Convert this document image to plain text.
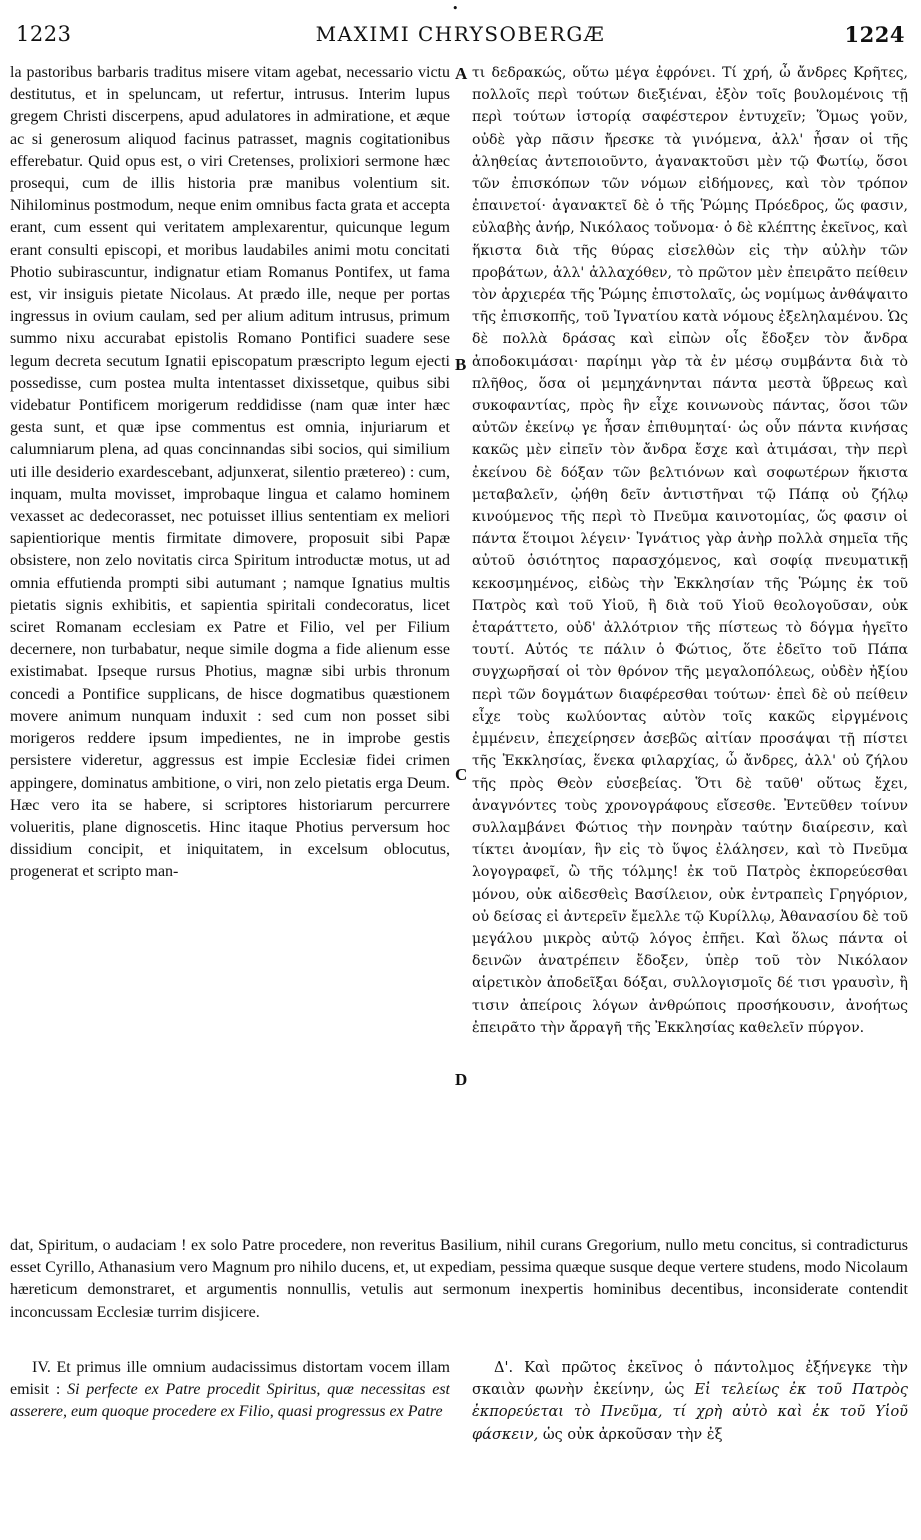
•
1223	MAXIMI CHRYSOBERGÆ	1224

la pastoribus barbaris traditus misere vitam agebat, necessario victu destitutus, et in speluncam, ut refertur, intrusus. Interim lupus gregem Christi discerpens, apud adulatores in admiratione, et æque ac si generosum aliquod facinus patrasset, magnis cogitationibus efferebatur. Quid opus est, o viri Cretenses, prolixiori sermone hæc prosequi, cum de illis historia præ manibus volentium sit. Nihilominus postmodum, neque enim omnibus facta grata et accepta erant, cum essent qui veritatem amplexarentur, quicunque legum erant consulti episcopi, et moribus laudabiles animi motu concitati Photio subirascuntur, indignatur etiam Romanus Pontifex, ut fama est, vir insiguis pietate Nicolaus. At prædo ille, neque per portas ingressus in ovium caulam, sed per alium aditum intrusus, primum summo nixu accurabat epistolis Romano Pontifici suadere sese legum decreta secutum Ignatii episcopatum præscripto legum ejecti possedisse, cum postea multa intentasset dixissetque, quibus sibi videbatur Pontificem morigerum reddidisse (nam quæ inter hæc gesta sunt, et quæ ipse commentus est omnia, injuriarum et calumniarum plena, ad quas concinnandas sibi socios, qui similium uti ille desiderio exardescebant, adjunxerat, silentio prætereo) : cum, inquam, multa movisset, improbaque lingua et calamo hominem vexasset ac dedecorasset, nec potuisset illius sententiam ex meliori sapientiorique mentis firmitate dimovere, proposuit sibi Papæ obsistere, non zelo novitatis circa Spiritum introductæ motus, ut ad omnia effutienda prompti sibi autumant ; namque Ignatius multis pietatis signis exhibitis, et sapientia spiritali condecoratus, licet sciret Romanam ecclesiam ex Patre et Filio, vel per Filium decernere, non turbabatur, neque simile dogma a fide alienum esse existimabat. Ipseque rursus Photius, magnæ sibi urbis thronum concedi a Pontifice supplicans, de hisce dogmatibus quæstionem movere animum nunquam induxit : sed cum non posset sibi morigeros reddere ipsum impedientes, ne in improbe gestis persistere videretur, aggressus est impie Ecclesiæ fidei crimen appingere, dominatus ambitione, o viri, non zelo pietatis erga Deum. Hæc vero ita se habere, si scriptores historiarum percurrere volueritis, plane dignoscetis. Hinc itaque Photius perversum hoc dissidium concipit, et iniquitatem, in excelsum oblocutus, progenerat et scripto man-

A
B
C
D

τι δεδρακώς, οὕτω μέγα ἐφρόνει. Τί χρή, ὦ ἄνδρες Κρῆτες, πολλοῖς περὶ τούτων διεξιέναι, ἐξὸν τοῖς βουλομένοις τῇ περὶ τούτων ἱστορίᾳ σαφέστερον ἐντυχεῖν; Ὅμως γοῦν, οὐδὲ γὰρ πᾶσιν ἤρεσκε τὰ γινόμενα, ἀλλ' ἦσαν οἱ τῆς ἀληθείας ἀντεποιοῦντο, ἀγανακτοῦσι μὲν τῷ Φωτίῳ, ὅσοι τῶν ἐπισκόπων τῶν νόμων εἰδήμονες, καὶ τὸν τρόπον ἐπαινετοί· ἀγανακτεῖ δὲ ὁ τῆς Ῥώμης Πρόεδρος, ὥς φασιν, εὐλαβὴς ἀνήρ, Νικόλαος τοὔνομα· ὁ δὲ κλέπτης ἐκεῖνος, καὶ ἥκιστα διὰ τῆς θύρας εἰσελθὼν εἰς τὴν αὐλὴν τῶν προβάτων, ἀλλ' ἀλλαχόθεν, τὸ πρῶτον μὲν ἐπειρᾶτο πείθειν τὸν ἀρχιερέα τῆς Ῥώμης ἐπιστολαῖς, ὡς νομίμως ἀνθάψαιτο τῆς ἐπισκοπῆς, τοῦ Ἰγνατίου κατὰ νόμους ἐξεληλαμένου. Ὡς δὲ πολλὰ δράσας καὶ εἰπὼν οἷς ἔδοξεν τὸν ἄνδρα ἀποδοκιμάσαι· παρίημι γὰρ τὰ ἐν μέσῳ συμβάντα διὰ τὸ πλῆθος, ὅσα οἱ μεμηχάνηνται πάντα μεστὰ ὕβρεως καὶ συκοφαντίας, πρὸς ἣν εἶχε κοινωνοὺς πάντας, ὅσοι τῶν αὐτῶν ἐκείνῳ γε ἦσαν ἐπιθυμηταί· ὡς οὖν πάντα κινήσας κακῶς μὲν εἰπεῖν τὸν ἄνδρα ἔσχε καὶ ἀτιμάσαι, τὴν περὶ ἐκείνου δὲ δόξαν τῶν βελτιόνων καὶ σοφωτέρων ἥκιστα μεταβαλεῖν, ᾠήθη δεῖν ἀντιστῆναι τῷ Πάπᾳ οὐ ζήλῳ κινούμενος τῆς περὶ τὸ Πνεῦμα καινοτομίας, ὥς φασιν οἱ πάντα ἕτοιμοι λέγειν· Ἰγνάτιος γὰρ ἀνὴρ πολλὰ σημεῖα τῆς αὐτοῦ ὁσιότητος παρασχόμενος, καὶ σοφίᾳ πνευματικῇ κεκοσμημένος, εἰδὼς τὴν Ἐκκλησίαν τῆς Ῥώμης ἐκ τοῦ Πατρὸς καὶ τοῦ Υἱοῦ, ἢ διὰ τοῦ Υἱοῦ θεολογοῦσαν, οὐκ ἐταράττετο, οὐδ' ἀλλότριον τῆς πίστεως τὸ δόγμα ἡγεῖτο τουτί. Αὐτός τε πάλιν ὁ Φώτιος, ὅτε ἐδεῖτο τοῦ Πάπα συγχωρῆσαί οἱ τὸν θρόνον τῆς μεγαλοπόλεως, οὐδὲν ἠξίου περὶ τῶν δογμάτων διαφέρεσθαι τούτων· ἐπεὶ δὲ οὐ πείθειν εἶχε τοὺς κωλύοντας αὐτὸν τοῖς κακῶς εἰργμένοις ἐμμένειν, ἐπεχείρησεν ἀσεβῶς αἰτίαν προσάψαι τῇ πίστει τῆς Ἐκκλησίας, ἕνεκα φιλαρχίας, ὦ ἄνδρες, ἀλλ' οὐ ζήλου τῆς πρὸς Θεὸν εὐσεβείας. Ὅτι δὲ ταῦθ' οὕτως ἔχει, ἀναγνόντες τοὺς χρονογράφους εἴσεσθε. Ἐντεῦθεν τοίνυν συλλαμβάνει Φώτιος τὴν πονηρὰν ταύτην διαίρεσιν, καὶ τίκτει ἀνομίαν, ἣν εἰς τὸ ὕψος ἐλάλησεν, καὶ τὸ Πνεῦμα λογογραφεῖ, ὢ τῆς τόλμης! ἐκ τοῦ Πατρὸς ἐκπορεύεσθαι μόνου, οὐκ αἰδεσθεὶς Βασίλειον, οὐκ ἐντραπεὶς Γρηγόριον, οὐ δείσας εἰ ἀντερεῖν ἔμελλε τῷ Κυρίλλῳ, Ἀθανασίου δὲ τοῦ μεγάλου μικρὸς αὐτῷ λόγος ἐπῆει. Καὶ ὅλως πάντα οἱ δεινῶν ἀνατρέπειν ἔδοξεν, ὑπὲρ τοῦ τὸν Νικόλαον αἱρετικὸν ἀποδεῖξαι δόξαι, συλλογισμοῖς δέ τισι γραυσὶν, ἢ τισιν ἀπείροις λόγων ἀνθρώποις προσήκουσιν, ἀνοήτως ἐπειρᾶτο τὴν ἄρραγῆ τῆς Ἐκκλησίας καθελεῖν πύργον.

dat, Spiritum, o audaciam ! ex solo Patre procedere, non reveritus Basilium, nihil curans Gregorium, nullo metu concitus, si contradicturus esset Cyrillo, Athanasium vero Magnum pro nihilo ducens, et, ut expediam, pessima quæque susque deque vertere studens, modo Nicolaum hæreticum demonstraret, et argumentis nonnullis, vetulis aut sermonum inexpertis hominibus decentibus, inconsiderate contendit inconcussam Ecclesiæ turrim disjicere.

IV. Et primus ille omnium audacissimus distortam vocem illam emisit : Si perfecte ex Patre procedit Spiritus, quæ necessitas est asserere, eum quoque procedere ex Filio, quasi progressus ex Patre

Δ'. Καὶ πρῶτος ἐκεῖνος ὁ πάντολμος ἐξήνεγκε τὴν σκαιὰν φωνὴν ἐκείνην, ὡς Εἰ τελείως ἐκ τοῦ Πατρὸς ἐκπορεύεται τὸ Πνεῦμα, τί χρὴ αὐτὸ καὶ ἐκ τοῦ Υἱοῦ φάσκειν, ὡς οὐκ ἀρκοῦσαν τὴν ἐξ
